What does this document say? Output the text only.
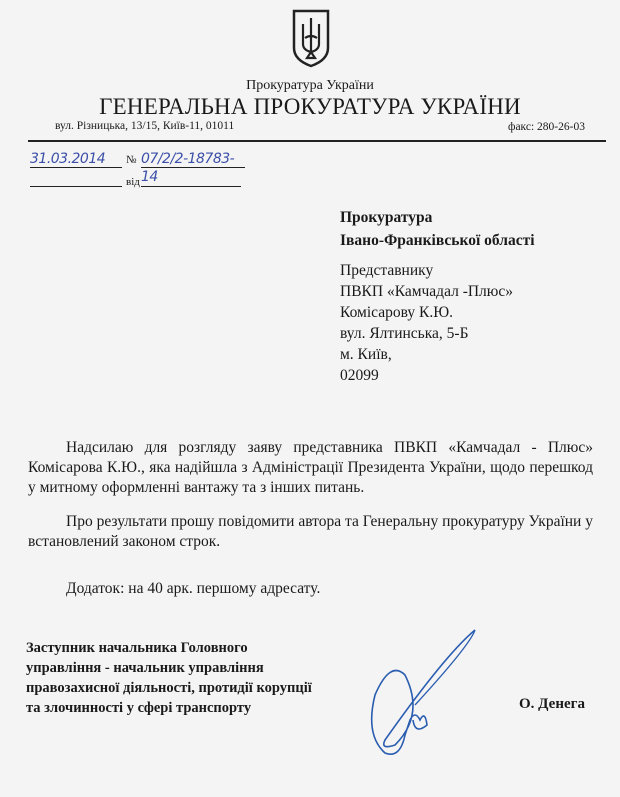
Прокуратура України
ГЕНЕРАЛЬНА ПРОКУРАТУРА УКРАЇНИ
вул. Різницька, 13/15, Київ-11, 01011	факс: 280-26-03
31.03.2014	№ 07/2/2-18783-14
від
Прокуратура
Івано-Франківської області
Представнику
ПВКП «Камчадал -Плюс»
Комісарову К.Ю.
вул. Ялтинська, 5-Б
м. Київ,
02099

Надсилаю для розгляду заяву представника ПВКП «Камчадал - Плюс» Комісарова К.Ю., яка надійшла з Адміністрації Президента України, щодо перешкод у митному оформленні вантажу та з інших питань.

Про результати прошу повідомити автора та Генеральну прокуратуру України у встановлений законом строк.

Додаток: на 40 арк. першому адресату.

Заступник начальника Головного
управління - начальник управління
правозахисної діяльності, протидії корупції
та злочинності у сфері транспорту	О. Денега
